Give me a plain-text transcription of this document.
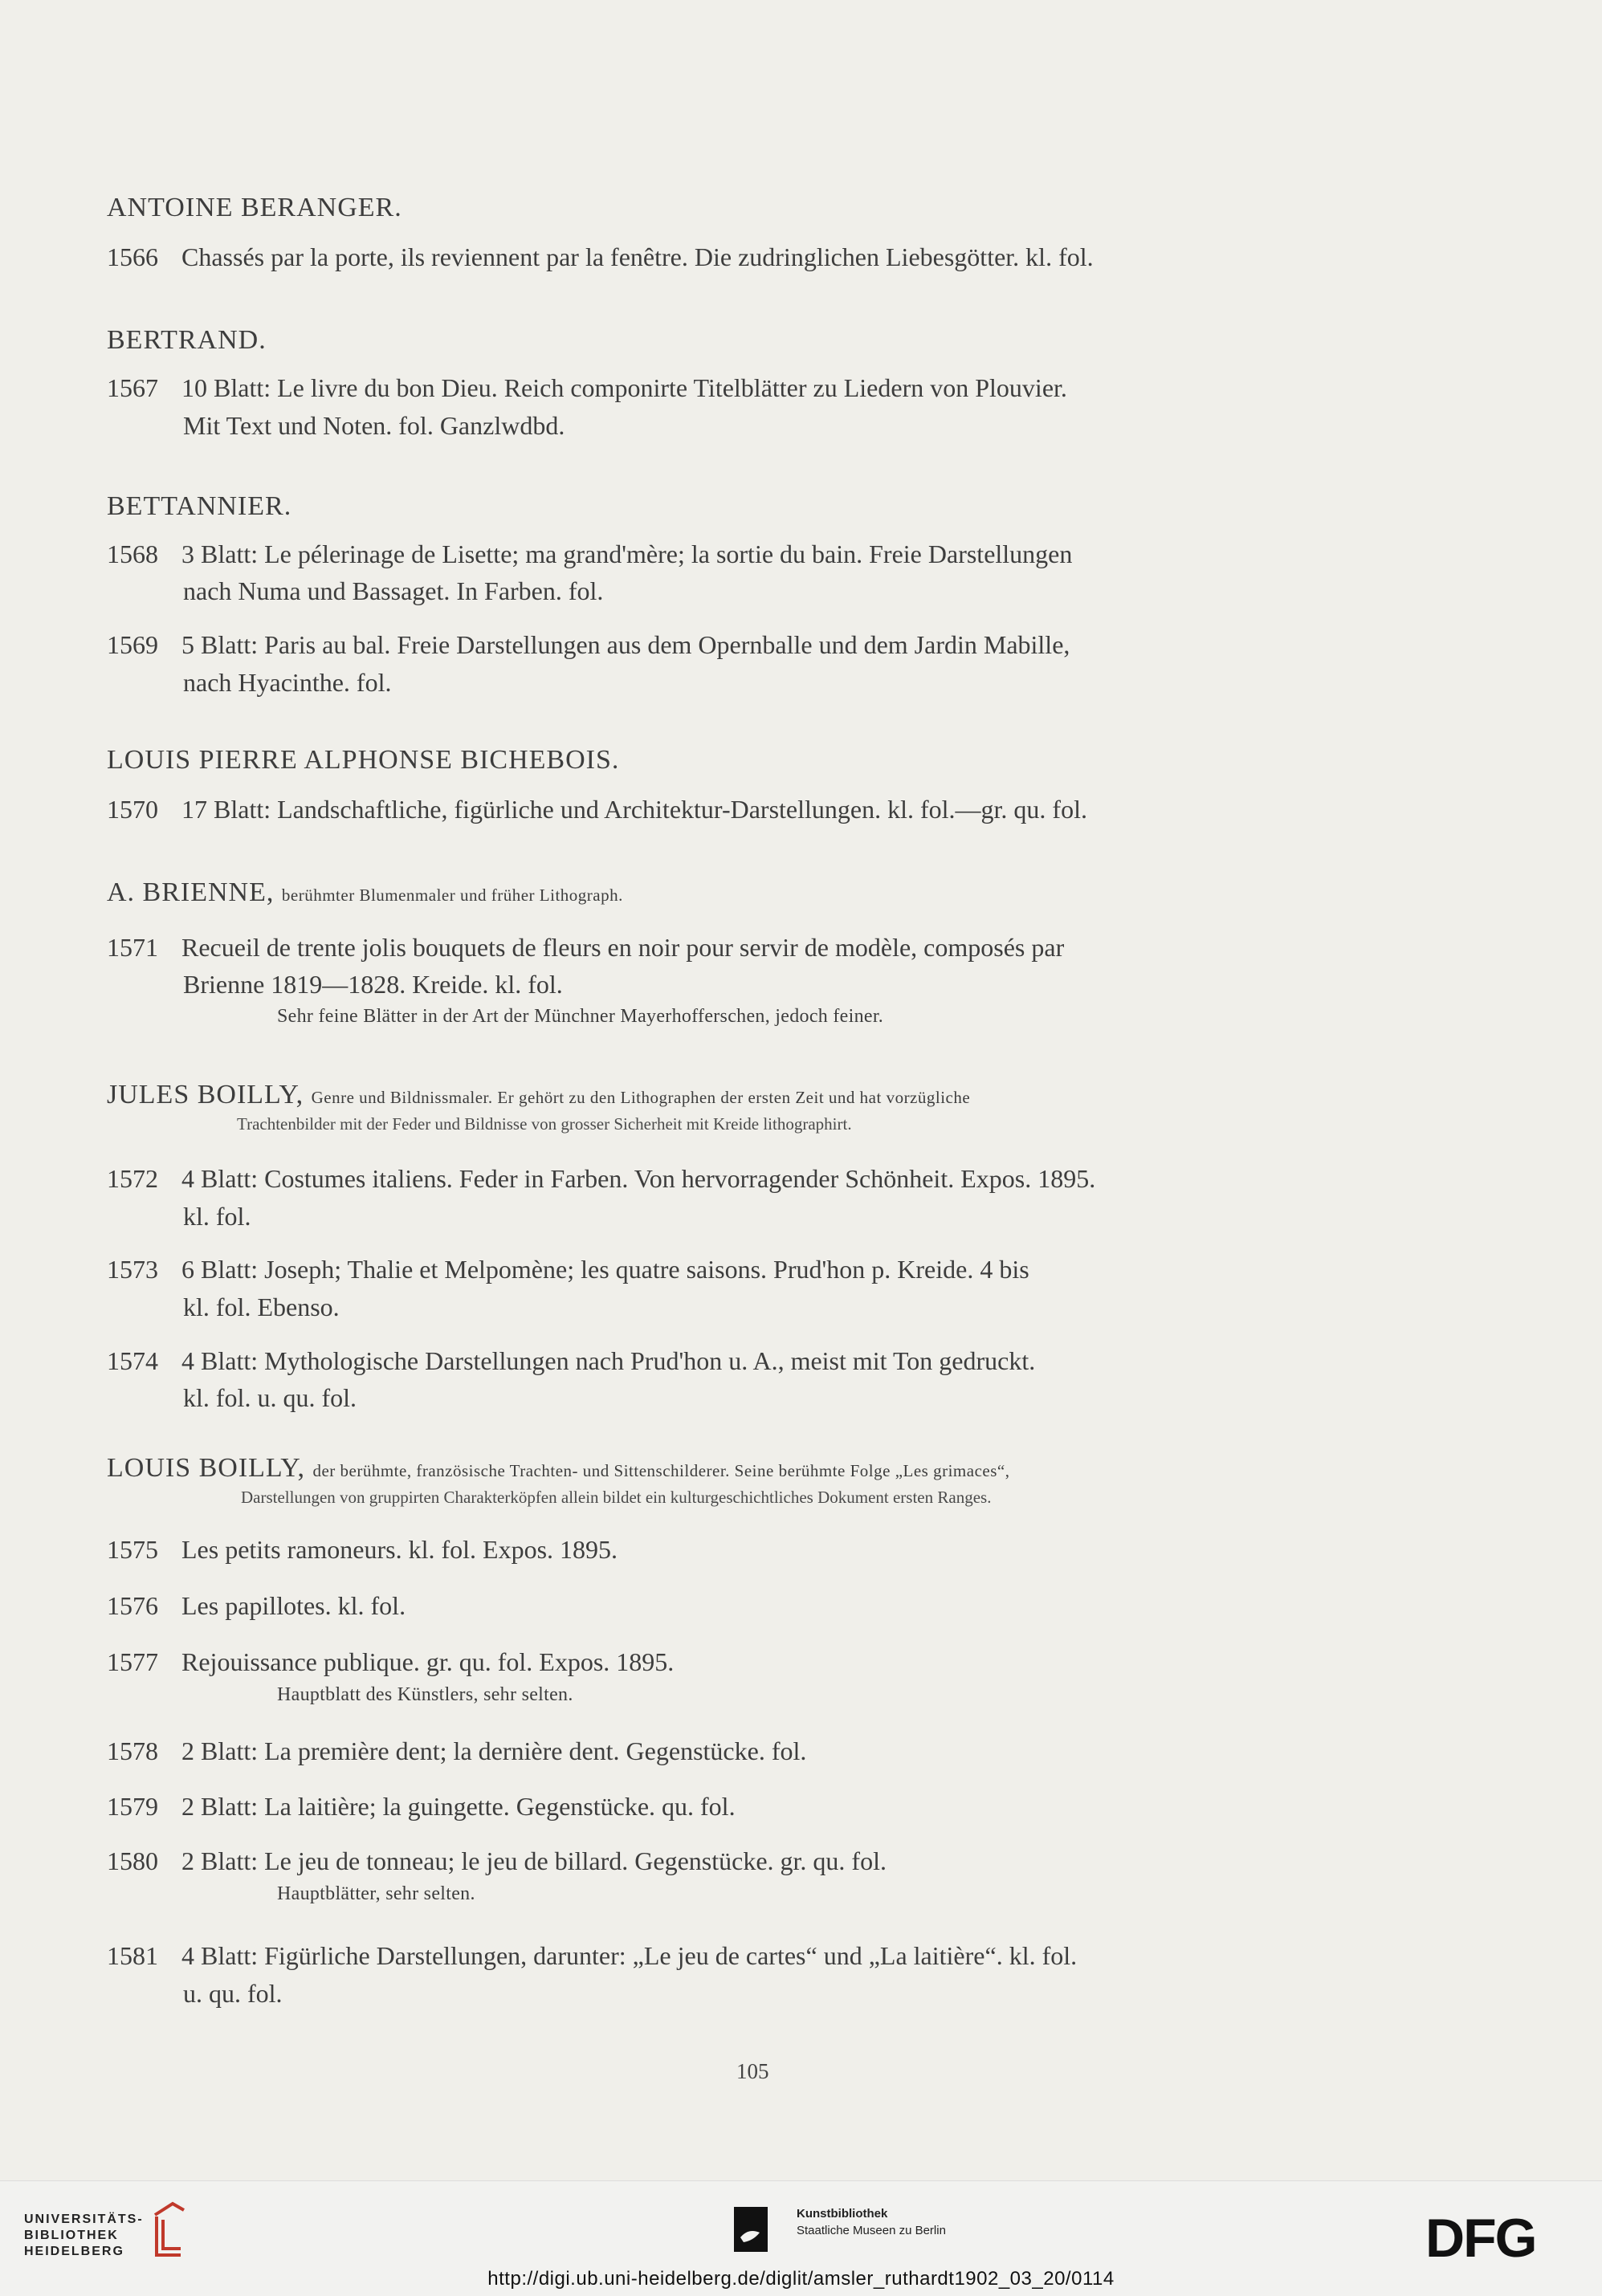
ANTOINE BERANGER.
1566 Chassés par la porte, ils reviennent par la fenêtre. Die zudringlichen Liebesgötter. kl. fol.
BERTRAND.
1567 10 Blatt: Le livre du bon Dieu. Reich componirte Titelblätter zu Liedern von Plouvier.
Mit Text und Noten. fol. Ganzlwdbd.
BETTANNIER.
1568 3 Blatt: Le pélerinage de Lisette; ma grand'mère; la sortie du bain. Freie Darstellungen
nach Numa und Bassaget. In Farben. fol.
1569 5 Blatt: Paris au bal. Freie Darstellungen aus dem Opernballe und dem Jardin Mabille,
nach Hyacinthe. fol.
LOUIS PIERRE ALPHONSE BICHEBOIS.
1570 17 Blatt: Landschaftliche, figürliche und Architektur-Darstellungen. kl. fol.—gr. qu. fol.
A. BRIENNE, berühmter Blumenmaler und früher Lithograph.
1571 Recueil de trente jolis bouquets de fleurs en noir pour servir de modèle, composés par
Brienne 1819—1828. Kreide. kl. fol.
Sehr feine Blätter in der Art der Münchner Mayerhofferschen, jedoch feiner.
JULES BOILLY, Genre und Bildnissmaler. Er gehört zu den Lithographen der ersten Zeit und hat vorzügliche
Trachtenbilder mit der Feder und Bildnisse von grosser Sicherheit mit Kreide lithographirt.
1572 4 Blatt: Costumes italiens. Feder in Farben. Von hervorragender Schönheit. Expos. 1895.
kl. fol.
1573 6 Blatt: Joseph; Thalie et Melpomène; les quatre saisons. Prud'hon p. Kreide. 4 bis
kl. fol. Ebenso.
1574 4 Blatt: Mythologische Darstellungen nach Prud'hon u. A., meist mit Ton gedruckt.
kl. fol. u. qu. fol.
LOUIS BOILLY, der berühmte, französische Trachten- und Sittenschilderer. Seine berühmte Folge „Les grimaces“,
Darstellungen von gruppirten Charakterköpfen allein bildet ein kulturgeschichtliches Dokument ersten Ranges.
1575 Les petits ramoneurs. kl. fol. Expos. 1895.
1576 Les papillotes. kl. fol.
1577 Rejouissance publique. gr. qu. fol. Expos. 1895.
Hauptblatt des Künstlers, sehr selten.
1578 2 Blatt: La première dent; la dernière dent. Gegenstücke. fol.
1579 2 Blatt: La laitière; la guingette. Gegenstücke. qu. fol.
1580 2 Blatt: Le jeu de tonneau; le jeu de billard. Gegenstücke. gr. qu. fol.
Hauptblätter, sehr selten.
1581 4 Blatt: Figürliche Darstellungen, darunter: „Le jeu de cartes“ und „La laitière“. kl. fol.
u. qu. fol.
105
UNIVERSITÄTS-
BIBLIOTHEK
HEIDELBERG
Kunstbibliothek
Staatliche Museen zu Berlin	DFG
http://digi.ub.uni-heidelberg.de/diglit/amsler_ruthardt1902_03_20/0114
